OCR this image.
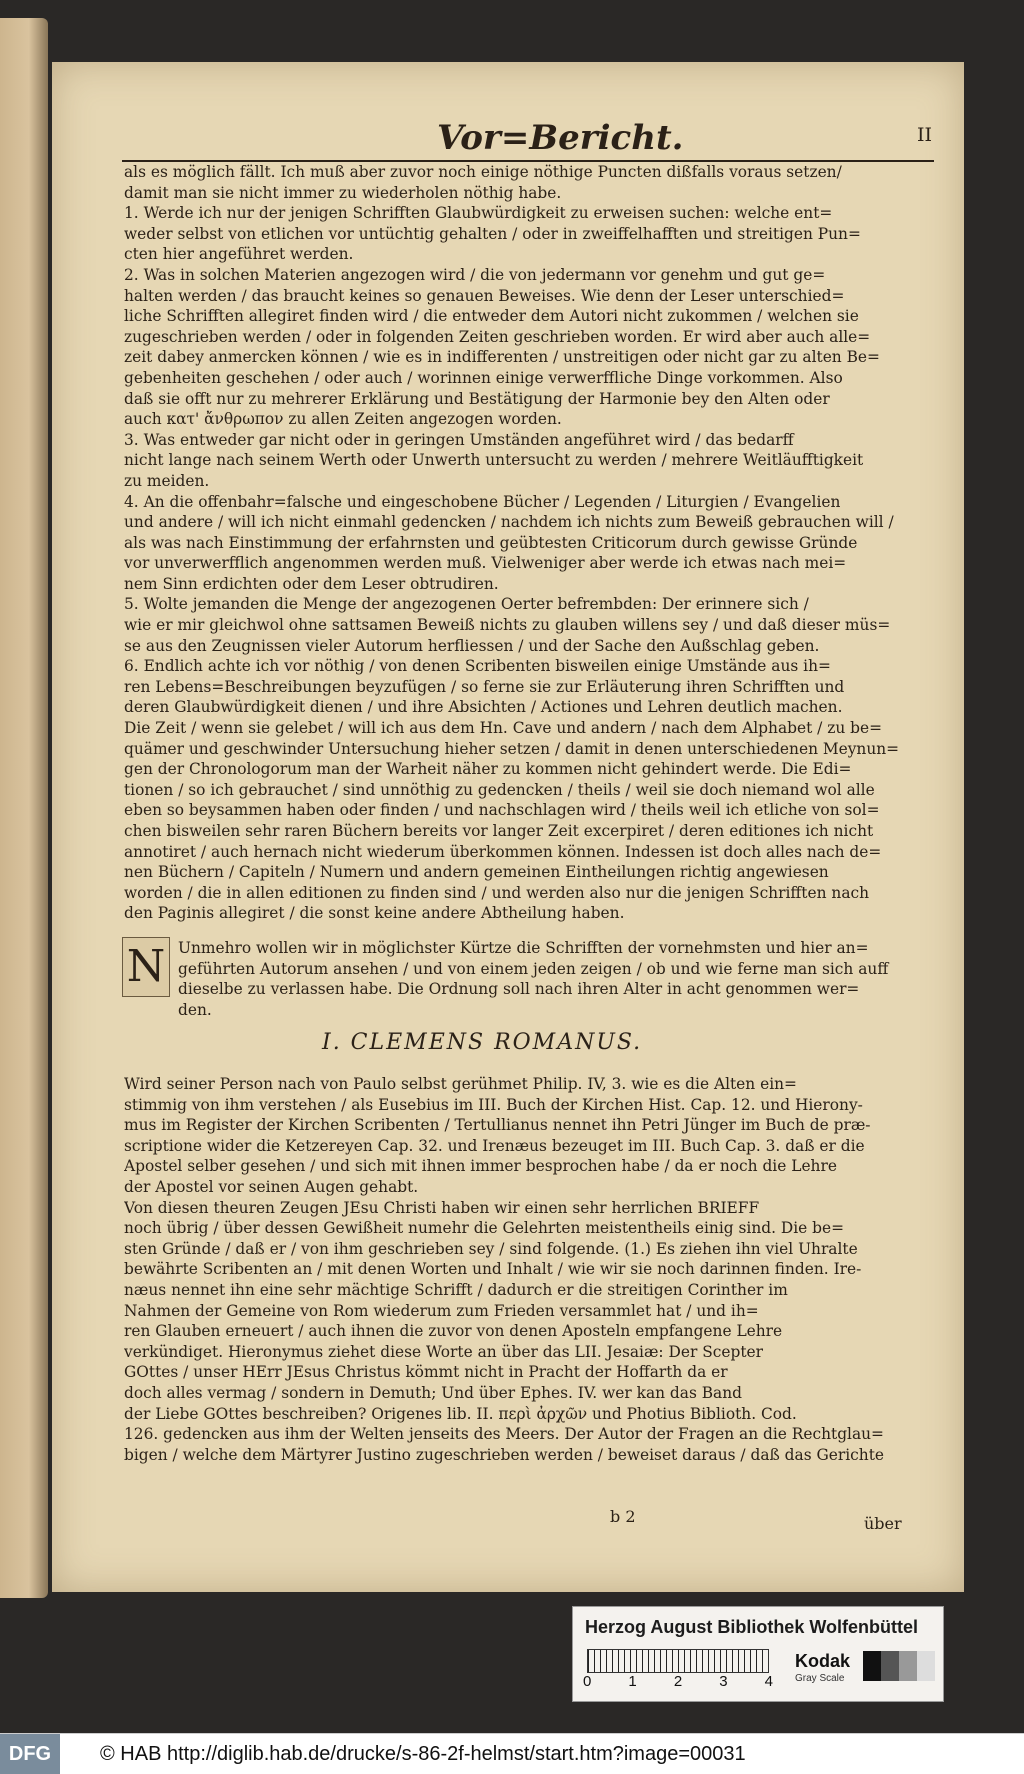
Vor=Bericht.	II
als es möglich fällt. Ich muß aber zuvor noch einige nöthige Puncten dißfalls voraus setzen/
damit man sie nicht immer zu wiederholen nöthig habe.
1. Werde ich nur der jenigen Schrifften Glaubwürdigkeit zu erweisen suchen: welche ent=
weder selbst von etlichen vor untüchtig gehalten / oder in zweiffelhafften und streitigen Pun=
cten hier angeführet werden.
2. Was in solchen Materien angezogen wird / die von jedermann vor genehm und gut ge=
halten werden / das braucht keines so genauen Beweises. Wie denn der Leser unterschied=
liche Schrifften allegiret finden wird / die entweder dem Autori nicht zukommen / welchen sie
zugeschrieben werden / oder in folgenden Zeiten geschrieben worden. Er wird aber auch alle=
zeit dabey anmercken können / wie es in indifferenten / unstreitigen oder nicht gar zu alten Be=
gebenheiten geschehen / oder auch / worinnen einige verwerffliche Dinge vorkommen. Also
daß sie offt nur zu mehrerer Erklärung und Bestätigung der Harmonie bey den Alten oder
auch κατ' ἄνθρωπον zu allen Zeiten angezogen worden.
3. Was entweder gar nicht oder in geringen Umständen angeführet wird / das bedarff
nicht lange nach seinem Werth oder Unwerth untersucht zu werden / mehrere Weitläufftigkeit
zu meiden.
4. An die offenbahr=falsche und eingeschobene Bücher / Legenden / Liturgien / Evangelien
und andere / will ich nicht einmahl gedencken / nachdem ich nichts zum Beweiß gebrauchen will /
als was nach Einstimmung der erfahrnsten und geübtesten Criticorum durch gewisse Gründe
vor unverwerfflich angenommen werden muß. Vielweniger aber werde ich etwas nach mei=
nem Sinn erdichten oder dem Leser obtrudiren.
5. Wolte jemanden die Menge der angezogenen Oerter befrembden: Der erinnere sich /
wie er mir gleichwol ohne sattsamen Beweiß nichts zu glauben willens sey / und daß dieser müs=
se aus den Zeugnissen vieler Autorum herfliessen / und der Sache den Außschlag geben.
6. Endlich achte ich vor nöthig / von denen Scribenten bisweilen einige Umstände aus ih=
ren Lebens=Beschreibungen beyzufügen / so ferne sie zur Erläuterung ihren Schrifften und
deren Glaubwürdigkeit dienen / und ihre Absichten / Actiones und Lehren deutlich machen.
Die Zeit / wenn sie gelebet / will ich aus dem Hn. Cave und andern / nach dem Alphabet / zu be=
quämer und geschwinder Untersuchung hieher setzen / damit in denen unterschiedenen Meynun=
gen der Chronologorum man der Warheit näher zu kommen nicht gehindert werde. Die Edi=
tionen / so ich gebrauchet / sind unnöthig zu gedencken / theils / weil sie doch niemand wol alle
eben so beysammen haben oder finden / und nachschlagen wird / theils weil ich etliche von sol=
chen bisweilen sehr raren Büchern bereits vor langer Zeit excerpiret / deren editiones ich nicht
annotiret / auch hernach nicht wiederum überkommen können. Indessen ist doch alles nach de=
nen Büchern / Capiteln / Numern und andern gemeinen Eintheilungen richtig angewiesen
worden / die in allen editionen zu finden sind / und werden also nur die jenigen Schrifften nach
den Paginis allegiret / die sonst keine andere Abtheilung haben.
N Unmehro wollen wir in möglichster Kürtze die Schrifften der vornehmsten und hier an=
geführten Autorum ansehen / und von einem jeden zeigen / ob und wie ferne man sich auff
dieselbe zu verlassen habe. Die Ordnung soll nach ihren Alter in acht genommen wer=
den.
I. CLEMENS ROMANUS.
Wird seiner Person nach von Paulo selbst gerühmet Philip. IV, 3. wie es die Alten ein=
stimmig von ihm verstehen / als Eusebius im III. Buch der Kirchen Hist. Cap. 12. und Hierony-
mus im Register der Kirchen Scribenten / Tertullianus nennet ihn Petri Jünger im Buch de præ-
scriptione wider die Ketzereyen Cap. 32. und Irenæus bezeuget im III. Buch Cap. 3. daß er die
Apostel selber gesehen / und sich mit ihnen immer besprochen habe / da er noch die Lehre
der Apostel vor seinen Augen gehabt.
Von diesen theuren Zeugen JEsu Christi haben wir einen sehr herrlichen BRIEFF
noch übrig / über dessen Gewißheit numehr die Gelehrten meistentheils einig sind. Die be=
sten Gründe / daß er / von ihm geschrieben sey / sind folgende. (1.) Es ziehen ihn viel Uhralte
bewährte Scribenten an / mit denen Worten und Inhalt / wie wir sie noch darinnen finden. Ire-
næus nennet ihn eine sehr mächtige Schrifft / dadurch er die streitigen Corinther im
Nahmen der Gemeine von Rom wiederum zum Frieden versammlet hat / und ih=
ren Glauben erneuert / auch ihnen die zuvor von denen Aposteln empfangene Lehre
verkündiget. Hieronymus ziehet diese Worte an über das LII. Jesaiæ: Der Scepter
GOttes / unser HErr JEsus Christus kömmt nicht in Pracht der Hoffarth da er
doch alles vermag / sondern in Demuth; Und über Ephes. IV. wer kan das Band
der Liebe GOttes beschreiben? Origenes lib. II. περὶ ἀρχῶν und Photius Biblioth. Cod.
126. gedencken aus ihm der Welten jenseits des Meers. Der Autor der Fragen an die Rechtglau=
bigen / welche dem Märtyrer Justino zugeschrieben werden / beweiset daraus / daß das Gerichte
b 2	über
Herzog August Bibliothek Wolfenbüttel
0 1 2 3 4
Kodak
Gray Scale
DFG	© HAB http://diglib.hab.de/drucke/s-86-2f-helmst/start.htm?image=00031
